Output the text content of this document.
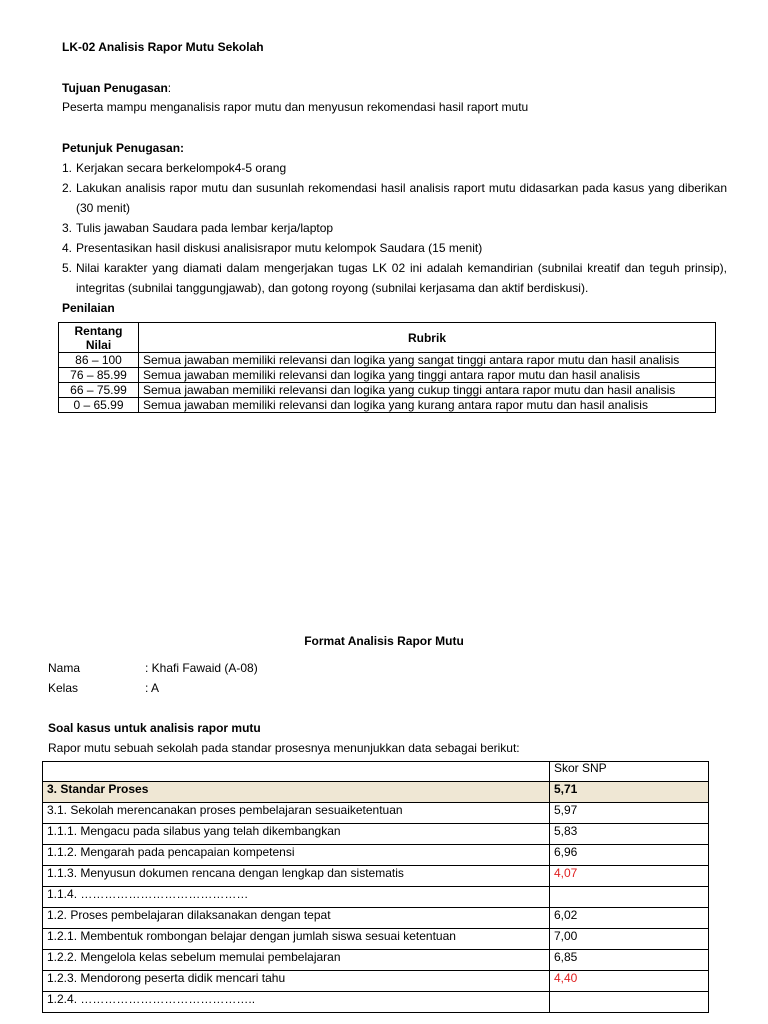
LK-02 Analisis Rapor Mutu Sekolah
Tujuan Penugasan:
Peserta mampu menganalisis rapor mutu dan menyusun rekomendasi hasil raport mutu
Petunjuk Penugasan:
1. Kerjakan secara berkelompok4-5 orang
2. Lakukan analisis rapor mutu dan susunlah rekomendasi hasil analisis raport mutu didasarkan pada kasus yang diberikan (30 menit)
3. Tulis jawaban Saudara pada lembar kerja/laptop
4. Presentasikan hasil diskusi analisisrapor mutu kelompok Saudara (15 menit)
5. Nilai karakter yang diamati dalam mengerjakan tugas LK 02 ini adalah kemandirian (subnilai kreatif dan teguh prinsip), integritas (subnilai tanggungjawab), dan gotong royong (subnilai kerjasama dan aktif berdiskusi).
Penilaian
Rentang Nilai	Rubrik
86 – 100	Semua jawaban memiliki relevansi dan logika yang sangat tinggi antara rapor mutu dan hasil analisis
76 – 85.99	Semua jawaban memiliki relevansi dan logika yang tinggi antara rapor mutu dan hasil analisis
66 – 75.99	Semua jawaban memiliki relevansi dan logika yang cukup tinggi antara rapor mutu dan hasil analisis
0 – 65.99	Semua jawaban memiliki relevansi dan logika yang kurang antara rapor mutu dan hasil analisis
Format Analisis Rapor Mutu
Nama	: Khafi Fawaid (A-08)
Kelas	: A
Soal kasus untuk analisis rapor mutu
Rapor mutu sebuah sekolah pada standar prosesnya menunjukkan data sebagai berikut:
	Skor SNP
3. Standar Proses	5,71
3.1. Sekolah merencanakan proses pembelajaran sesuaiketentuan	5,97
1.1.1. Mengacu pada silabus yang telah dikembangkan	5,83
1.1.2. Mengarah pada pencapaian kompetensi	6,96
1.1.3. Menyusun dokumen rencana dengan lengkap dan sistematis	4,07
1.1.4. ……………………………………	
1.2. Proses pembelajaran dilaksanakan dengan tepat	6,02
1.2.1. Membentuk rombongan belajar dengan jumlah siswa sesuai ketentuan	7,00
1.2.2. Mengelola kelas sebelum memulai pembelajaran	6,85
1.2.3. Mendorong peserta didik mencari tahu	4,40
1.2.4. ……………………………………..	
